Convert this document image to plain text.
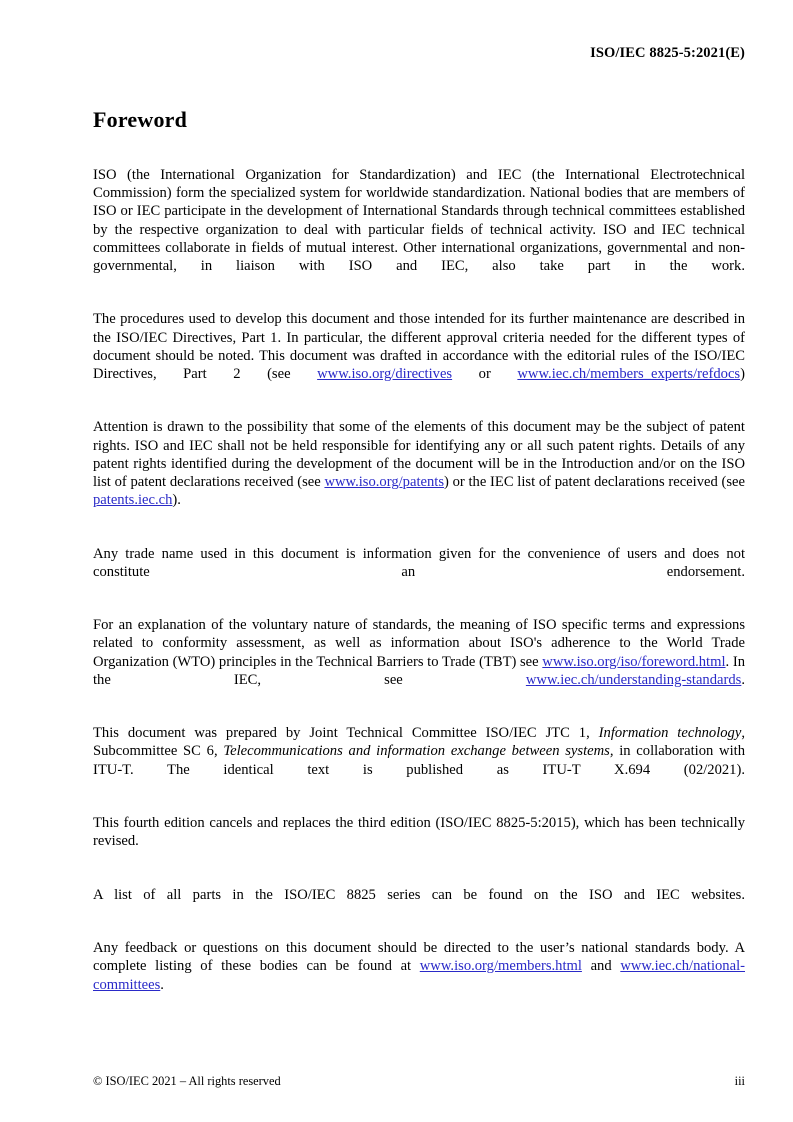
ISO/IEC 8825-5:2021(E)
Foreword

ISO (the International Organization for Standardization) and IEC (the International Electrotechnical Commission) form the specialized system for worldwide standardization. National bodies that are members of ISO or IEC participate in the development of International Standards through technical committees established by the respective organization to deal with particular fields of technical activity. ISO and IEC technical committees collaborate in fields of mutual interest. Other international organizations, governmental and non-governmental, in liaison with ISO and IEC, also take part in the work.

The procedures used to develop this document and those intended for its further maintenance are described in the ISO/IEC Directives, Part 1. In particular, the different approval criteria needed for the different types of document should be noted. This document was drafted in accordance with the editorial rules of the ISO/IEC Directives, Part 2 (see www.iso.org/directives or www.iec.ch/members_experts/refdocs)

Attention is drawn to the possibility that some of the elements of this document may be the subject of patent rights. ISO and IEC shall not be held responsible for identifying any or all such patent rights. Details of any patent rights identified during the development of the document will be in the Introduction and/or on the ISO list of patent declarations received (see www.iso.org/patents) or the IEC list of patent declarations received (see patents.iec.ch).

Any trade name used in this document is information given for the convenience of users and does not constitute an endorsement.

For an explanation of the voluntary nature of standards, the meaning of ISO specific terms and expressions related to conformity assessment, as well as information about ISO's adherence to the World Trade Organization (WTO) principles in the Technical Barriers to Trade (TBT) see www.iso.org/iso/foreword.html. In the IEC, see www.iec.ch/understanding-standards.

This document was prepared by Joint Technical Committee ISO/IEC JTC 1, Information technology, Subcommittee SC 6, Telecommunications and information exchange between systems, in collaboration with ITU-T. The identical text is published as ITU-T X.694 (02/2021).

This fourth edition cancels and replaces the third edition (ISO/IEC 8825-5:2015), which has been technically revised.

A list of all parts in the ISO/IEC 8825 series can be found on the ISO and IEC websites.

Any feedback or questions on this document should be directed to the user’s national standards body. A complete listing of these bodies can be found at www.iso.org/members.html and www.iec.ch/national-committees.

© ISO/IEC 2021 – All rights reserved	iii
